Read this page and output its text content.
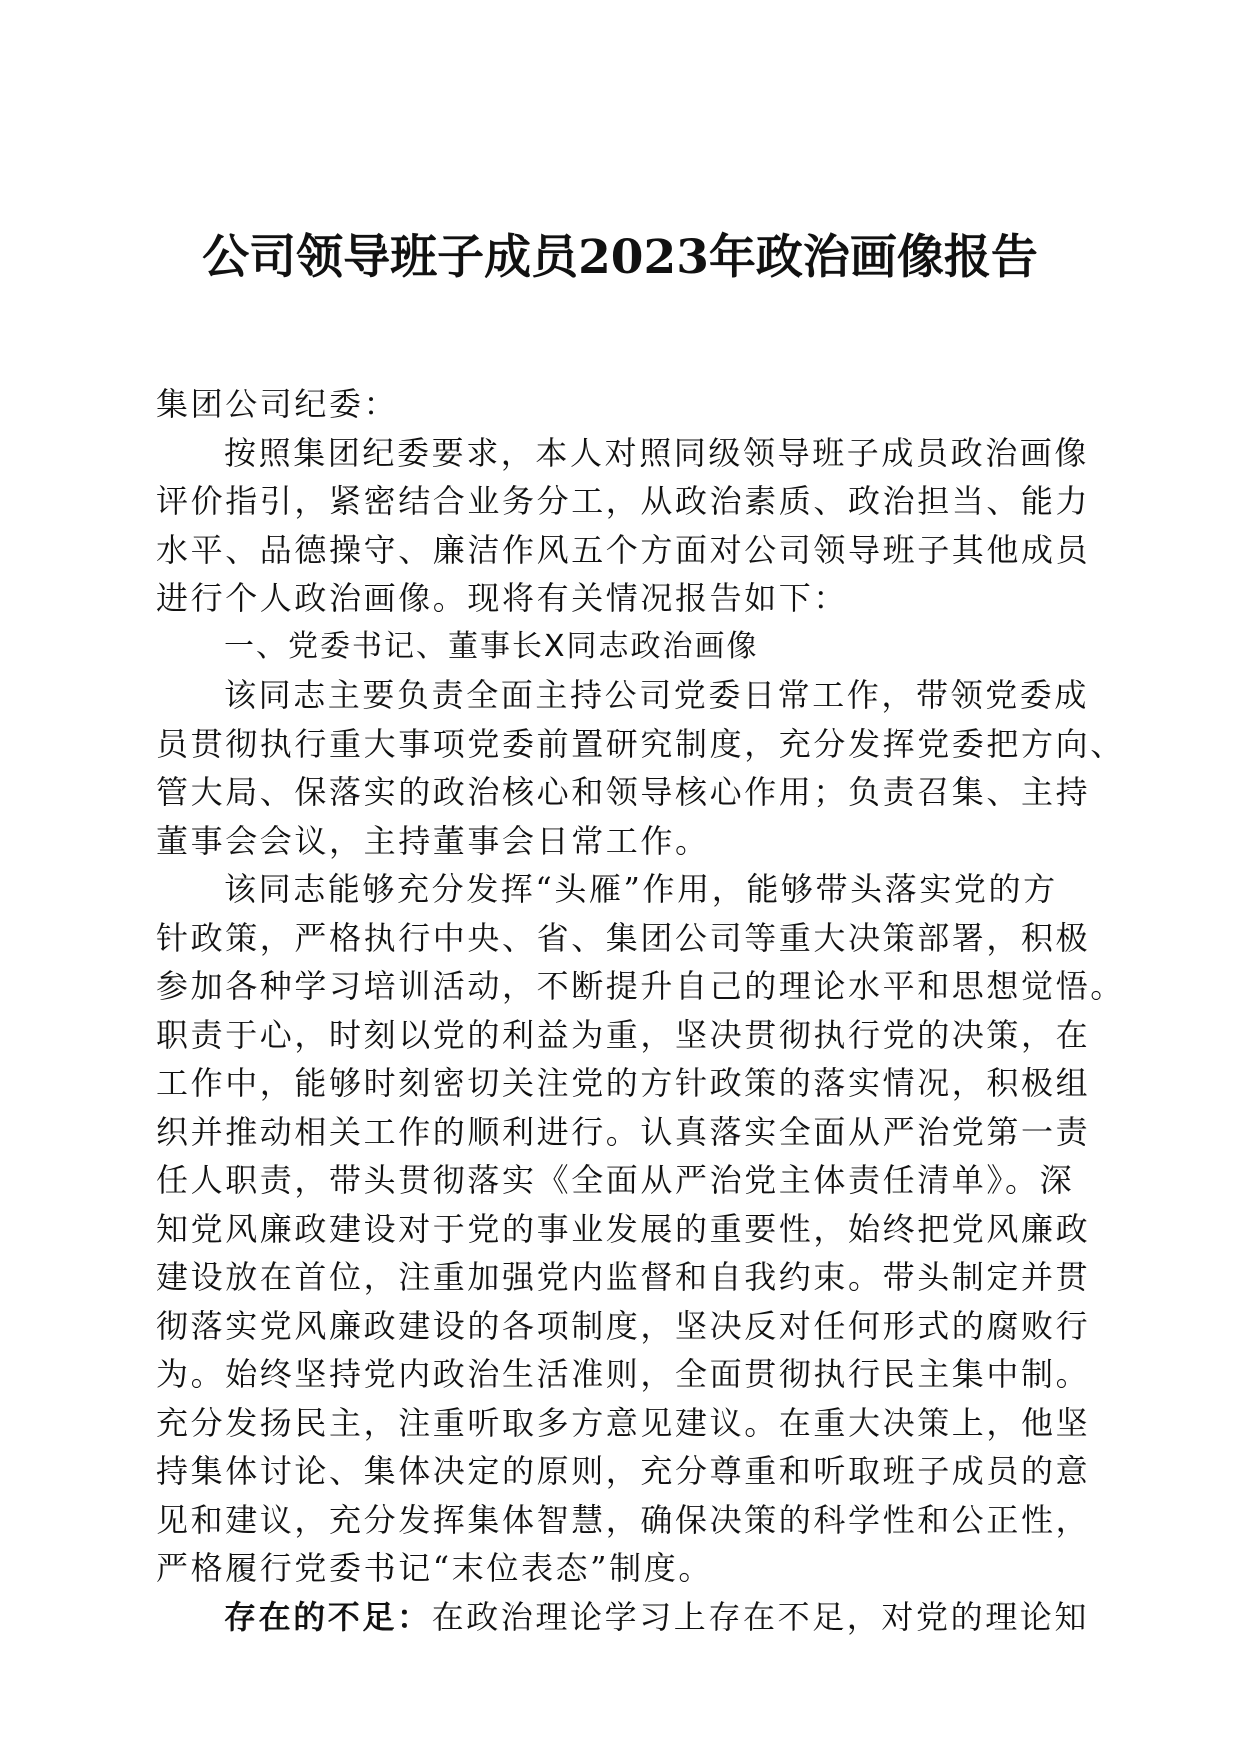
公司领导班子成员2023年政治画像报告
集团公司纪委：
按照集团纪委要求，本人对照同级领导班子成员政治画像
评价指引，紧密结合业务分工，从政治素质、政治担当、能力
水平、品德操守、廉洁作风五个方面对公司领导班子其他成员
进行个人政治画像。现将有关情况报告如下：
一、党委书记、董事长X同志政治画像
该同志主要负责全面主持公司党委日常工作，带领党委成
员贯彻执行重大事项党委前置研究制度，充分发挥党委把方向、
管大局、保落实的政治核心和领导核心作用；负责召集、主持
董事会会议，主持董事会日常工作。
该同志能够充分发挥“头雁”作用，能够带头落实党的方
针政策，严格执行中央、省、集团公司等重大决策部署，积极
参加各种学习培训活动，不断提升自己的理论水平和思想觉悟。
职责于心，时刻以党的利益为重，坚决贯彻执行党的决策，在
工作中，能够时刻密切关注党的方针政策的落实情况，积极组
织并推动相关工作的顺利进行。认真落实全面从严治党第一责
任人职责，带头贯彻落实《全面从严治党主体责任清单》。深
知党风廉政建设对于党的事业发展的重要性，始终把党风廉政
建设放在首位，注重加强党内监督和自我约束。带头制定并贯
彻落实党风廉政建设的各项制度，坚决反对任何形式的腐败行
为。始终坚持党内政治生活准则，全面贯彻执行民主集中制。
充分发扬民主，注重听取多方意见建议。在重大决策上，他坚
持集体讨论、集体决定的原则，充分尊重和听取班子成员的意
见和建议，充分发挥集体智慧，确保决策的科学性和公正性，
严格履行党委书记“末位表态”制度。
存在的不足：在政治理论学习上存在不足，对党的理论知
